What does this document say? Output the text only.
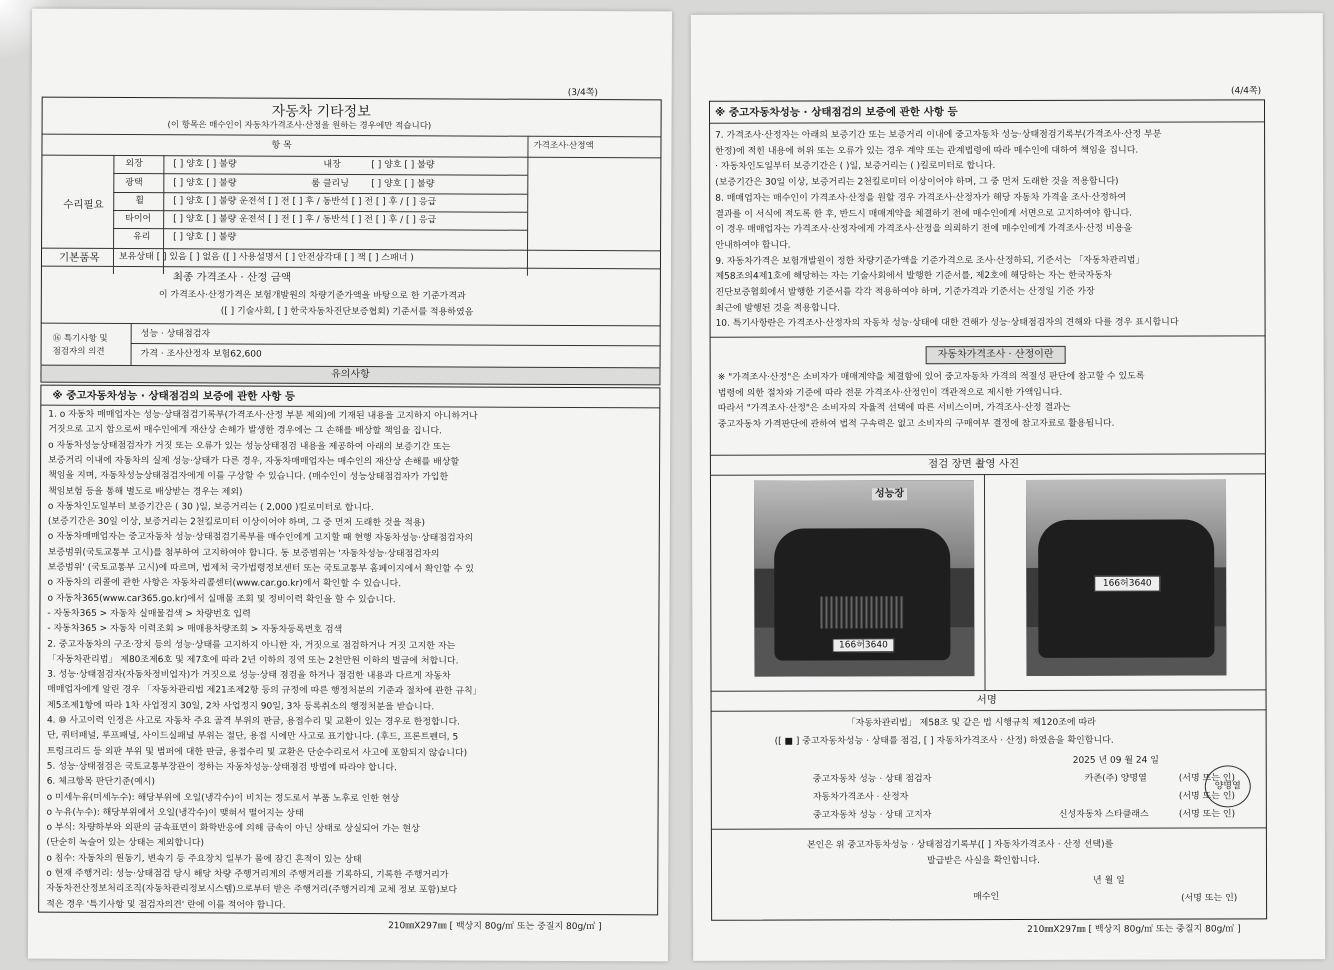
(3/4쪽)
자동차 기타정보
(이 항목은 매수인이 자동차가격조사·산정을 원하는 경우에만 적습니다)
항 목	가격조사·산정액
수리필요
외장	[ ] 양호 [ ] 불량	내장	[ ] 양호 [ ] 불량
광택	[ ] 양호 [ ] 불량	룸 클리닝 [ ] 양호 [ ] 불량
휠	[ ] 양호 [ ] 불량 운전석 [ ] 전 [ ] 후 / 동반석 [ ] 전 [ ] 후 / [ ] 응급
타이어 [ ] 양호 [ ] 불량 운전석 [ ] 전 [ ] 후 / 동반석 [ ] 전 [ ] 후 / [ ] 응급
유리	[ ] 양호 [ ] 불량
기본품목 보유상태 [ ] 있음 [ ] 없음 ([ ] 사용설명서 [ ] 안전삼각대 [ ] 잭 [ ] 스패너 )
최종 가격조사 · 산정 금액
이 가격조사·산정가격은 보험개발원의 차량기준가액을 바탕으로 한 기준가격과
([ ] 기술사회, [ ] 한국자동차진단보증협회) 기준서를 적용하였음
⑯ 특기사항 및
점검자의 의견
성능 · 상태점검자
가격 · 조사산정자 보험62,600
유의사항
※ 중고자동차성능 · 상태점검의 보증에 관한 사항 등
210㎜X297㎜ [ 백상지 80g/㎡ 또는 중질지 80g/㎡ ]
1. o 자동차 매매업자는 성능·상태점검기록부(가격조사·산정 부분 제외)에 기재된 내용을 고지하지 아니하거나
거짓으로 고지 함으로써 매수인에게 재산상 손해가 발생한 경우에는 그 손해를 배상할 책임을 집니다.
o 자동차성능상태점검자가 거짓 또는 오류가 있는 성능상태점검 내용을 제공하여 아래의 보증기간 또는
보증거리 이내에 자동차의 실제 성능·상태가 다른 경우, 자동차매매업자는 매수인의 재산상 손해를 배상할
책임을 지며, 자동차성능상태점검자에게 이를 구상할 수 있습니다. (매수인이 성능상태점검자가 가입한
책임보험 등을 통해 별도로 배상받는 경우는 제외)
o 자동차인도일부터 보증기간은 ( 30 )일, 보증거리는 ( 2,000 )킬로미터로 합니다.
(보증기간은 30일 이상, 보증거리는 2천킬로미터 이상이어야 하며, 그 중 먼저 도래한 것을 적용)
o 자동차매매업자는 중고자동차 성능·상태점검기록부를 매수인에게 고지할 때 현행 자동차성능·상태점검자의
보증범위(국토교통부 고시)를 첨부하여 고지하여야 합니다. 동 보증범위는 '자동차성능·상태점검자의
보증범위' (국토교통부 고시)에 따르며, 법제처 국가법령정보센터 또는 국토교통부 홈페이지에서 확인할 수 있
o 자동차의 리콜에 관한 사항은 자동차리콜센터(www.car.go.kr)에서 확인할 수 있습니다.
o 자동차365(www.car365.go.kr)에서 실매물 조회 및 정비이력 확인을 할 수 있습니다.
- 자동차365 > 자동차 실매물검색 > 차량번호 입력
- 자동차365 > 자동차 이력조회 > 매매용차량조회 > 자동차등록번호 검색
2. 중고자동차의 구조·장치 등의 성능·상태를 고지하지 아니한 자, 거짓으로 점검하거나 거짓 고지한 자는
「자동차관리법」 제80조제6호 및 제7호에 따라 2년 이하의 징역 또는 2천만원 이하의 벌금에 처합니다.
3. 성능·상태점검자(자동차정비업자)가 거짓으로 성능·상태 점검을 하거나 점검한 내용과 다르게 자동차
매매업자에게 알린 경우 「자동차관리법 제21조제2항 등의 규정에 따른 행정처분의 기준과 절차에 관한 규칙」
제5조제1항에 따라 1차 사업정지 30일, 2차 사업정지 90일, 3차 등록취소의 행정처분을 받습니다.
4. ⑩ 사고이력 인정은 사고로 자동차 주요 골격 부위의 판금, 용접수리 및 교환이 있는 경우로 한정합니다.
단, 쿼터패널, 루프패널, 사이드실패널 부위는 절단, 용접 시에만 사고로 표기합니다. (후드, 프론트펜더, 5
트렁크리드 등 외판 부위 및 범퍼에 대한 판금, 용접수리 및 교환은 단순수리로서 사고에 포함되지 않습니다)
5. 성능·상태점검은 국토교통부장관이 정하는 자동차성능·상태점검 방법에 따라야 합니다.
6. 체크항목 판단기준(예시)
o 미세누유(미세누수): 해당부위에 오일(냉각수)이 비치는 정도로서 부품 노후로 인한 현상
o 누유(누수): 해당부위에서 오일(냉각수)이 맺혀서 떨어지는 상태
o 부식: 차량하부와 외판의 금속표면이 화학반응에 의해 금속이 아닌 상태로 상실되어 가는 현상
(단순히 녹슬어 있는 상태는 제외합니다)
o 침수: 자동차의 원동기, 변속기 등 주요장치 일부가 물에 잠긴 흔적이 있는 상태
o 현재 주행거리: 성능·상태점검 당시 해당 차량 주행거리계의 주행거리를 기록하되, 기록한 주행거리가
자동차전산정보처리조직(자동차관리정보시스템)으로부터 받은 주행거리(주행거리계 교체 정보 포함)보다
적은 경우 '특기사항 및 점검자의견' 란에 이를 적어야 합니다.
(4/4쪽)
※ 중고자동차성능 · 상태점검의 보증에 관한 사항 등
자동차가격조사 · 산정이란
점검 장면 촬영 사진
성능장
166허3640
166허3640
서명
「자동차관리법」 제58조 및 같은 법 시행규칙 제120조에 따라
([ ■ ] 중고자동차성능 · 상태를 점검, [ ] 자동차가격조사 · 산정) 하였음을 확인합니다.
2025 년 09 월 24 일
중고자동차 성능 · 상태 점검자	카존(주) 양명열	(서명 또는 인)
자동차가격조사 · 산정자	(서명 또는 인)
중고자동차 성능 · 상태 고지자	신성자동차 스타클래스	(서명 또는 인)
양명열
본인은 위 중고자동차성능 · 상태점검기록부([ ] 자동차가격조사 · 산정 선택)를
발급받은 사실을 확인합니다.
년 월 일
매수인	(서명 또는 인)
210㎜X297㎜ [ 백상지 80g/㎡ 또는 중질지 80g/㎡ ]
7. 가격조사·산정자는 아래의 보증기간 또는 보증거리 이내에 중고자동차 성능·상태점검기록부(가격조사·산정 부분
한정)에 적힌 내용에 허위 또는 오류가 있는 경우 계약 또는 관계법령에 따라 매수인에 대하여 책임을 집니다.
· 자동차인도일부터 보증기간은 ( )일, 보증거리는 ( )킬로미터로 합니다.
(보증기간은 30일 이상, 보증거리는 2천킬로미터 이상이어야 하며, 그 중 먼저 도래한 것을 적용합니다)
8. 매매업자는 매수인이 가격조사·산정을 원할 경우 가격조사·산정자가 해당 자동차 가격을 조사·산정하여
결과를 이 서식에 적도록 한 후, 반드시 매매계약을 체결하기 전에 매수인에게 서면으로 고지하여야 합니다.
이 경우 매매업자는 가격조사·산정자에게 가격조사·산정을 의뢰하기 전에 매수인에게 가격조사·산정 비용을
안내하여야 합니다.
9. 자동차가격은 보험개발원이 정한 차량기준가액을 기준가격으로 조사·산정하되, 기준서는 「자동차관리법」
제58조의4제1호에 해당하는 자는 기술사회에서 발행한 기준서를, 제2호에 해당하는 자는 한국자동차
진단보증협회에서 발행한 기준서를 각각 적용하여야 하며, 기준가격과 기준서는 산정일 기준 가장
최근에 발행된 것을 적용합니다.
10. 특기사항란은 가격조사·산정자의 자동차 성능·상태에 대한 견해가 성능·상태점검자의 견해와 다를 경우 표시합니다
※ "가격조사·산정"은 소비자가 매매계약을 체결함에 있어 중고자동차 가격의 적절성 판단에 참고할 수 있도록
법령에 의한 절차와 기준에 따라 전문 가격조사·산정인이 객관적으로 제시한 가액입니다.
따라서 "가격조사·산정"은 소비자의 자율적 선택에 따른 서비스이며, 가격조사·산정 결과는
중고자동차 가격판단에 관하여 법적 구속력은 없고 소비자의 구매여부 결정에 참고자료로 활용됩니다.
